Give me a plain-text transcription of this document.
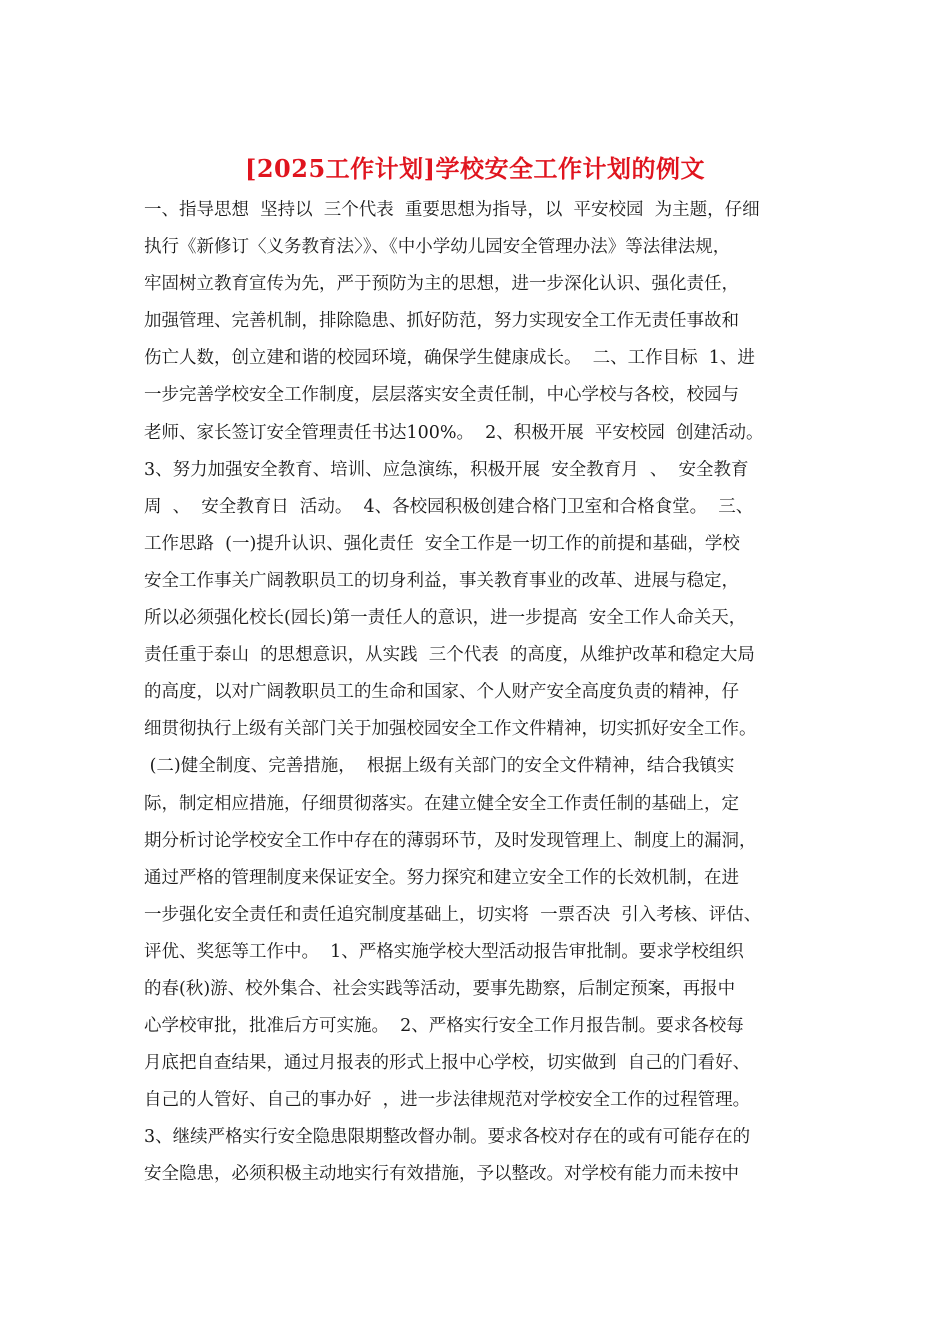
[2025工作计划]学校安全工作计划的例文
一、指导思想  坚持以  三个代表  重要思想为指导，以  平安校园  为主题，仔细
执行《新修订〈义务教育法〉》、《中小学幼儿园安全管理办法》等法律法规，
牢固树立教育宣传为先，严于预防为主的思想，进一步深化认识、强化责任，
加强管理、完善机制，排除隐患、抓好防范，努力实现安全工作无责任事故和
伤亡人数，创立建和谐的校园环境，确保学生健康成长。  二、工作目标  1、进
一步完善学校安全工作制度，层层落实安全责任制，中心学校与各校，校园与
老师、家长签订安全管理责任书达100%。  2、积极开展  平安校园  创建活动。
3、努力加强安全教育、培训、应急演练，积极开展  安全教育月  、  安全教育
周  、  安全教育日  活动。  4、各校园积极创建合格门卫室和合格食堂。  三、
工作思路  (一)提升认识、强化责任  安全工作是一切工作的前提和基础，学校
安全工作事关广阔教职员工的切身利益，事关教育事业的改革、进展与稳定，
所以必须强化校长(园长)第一责任人的意识，进一步提高  安全工作人命关天，
责任重于泰山  的思想意识，从实践  三个代表  的高度，从维护改革和稳定大局
的高度，以对广阔教职员工的生命和国家、个人财产安全高度负责的精神，仔
细贯彻执行上级有关部门关于加强校园安全工作文件精神，切实抓好安全工作。
(二)健全制度、完善措施，  根据上级有关部门的安全文件精神，结合我镇实
际，制定相应措施，仔细贯彻落实。在建立健全安全工作责任制的基础上，定
期分析讨论学校安全工作中存在的薄弱环节，及时发现管理上、制度上的漏洞，
通过严格的管理制度来保证安全。努力探究和建立安全工作的长效机制，在进
一步强化安全责任和责任追究制度基础上，切实将  一票否决  引入考核、评估、
评优、奖惩等工作中。  1、严格实施学校大型活动报告审批制。要求学校组织
的春(秋)游、校外集合、社会实践等活动，要事先勘察，后制定预案，再报中
心学校审批，批准后方可实施。  2、严格实行安全工作月报告制。要求各校每
月底把自查结果，通过月报表的形式上报中心学校，切实做到  自己的门看好、
自己的人管好、自己的事办好  ，进一步法律规范对学校安全工作的过程管理。
3、继续严格实行安全隐患限期整改督办制。要求各校对存在的或有可能存在的
安全隐患，必须积极主动地实行有效措施，予以整改。对学校有能力而未按中
